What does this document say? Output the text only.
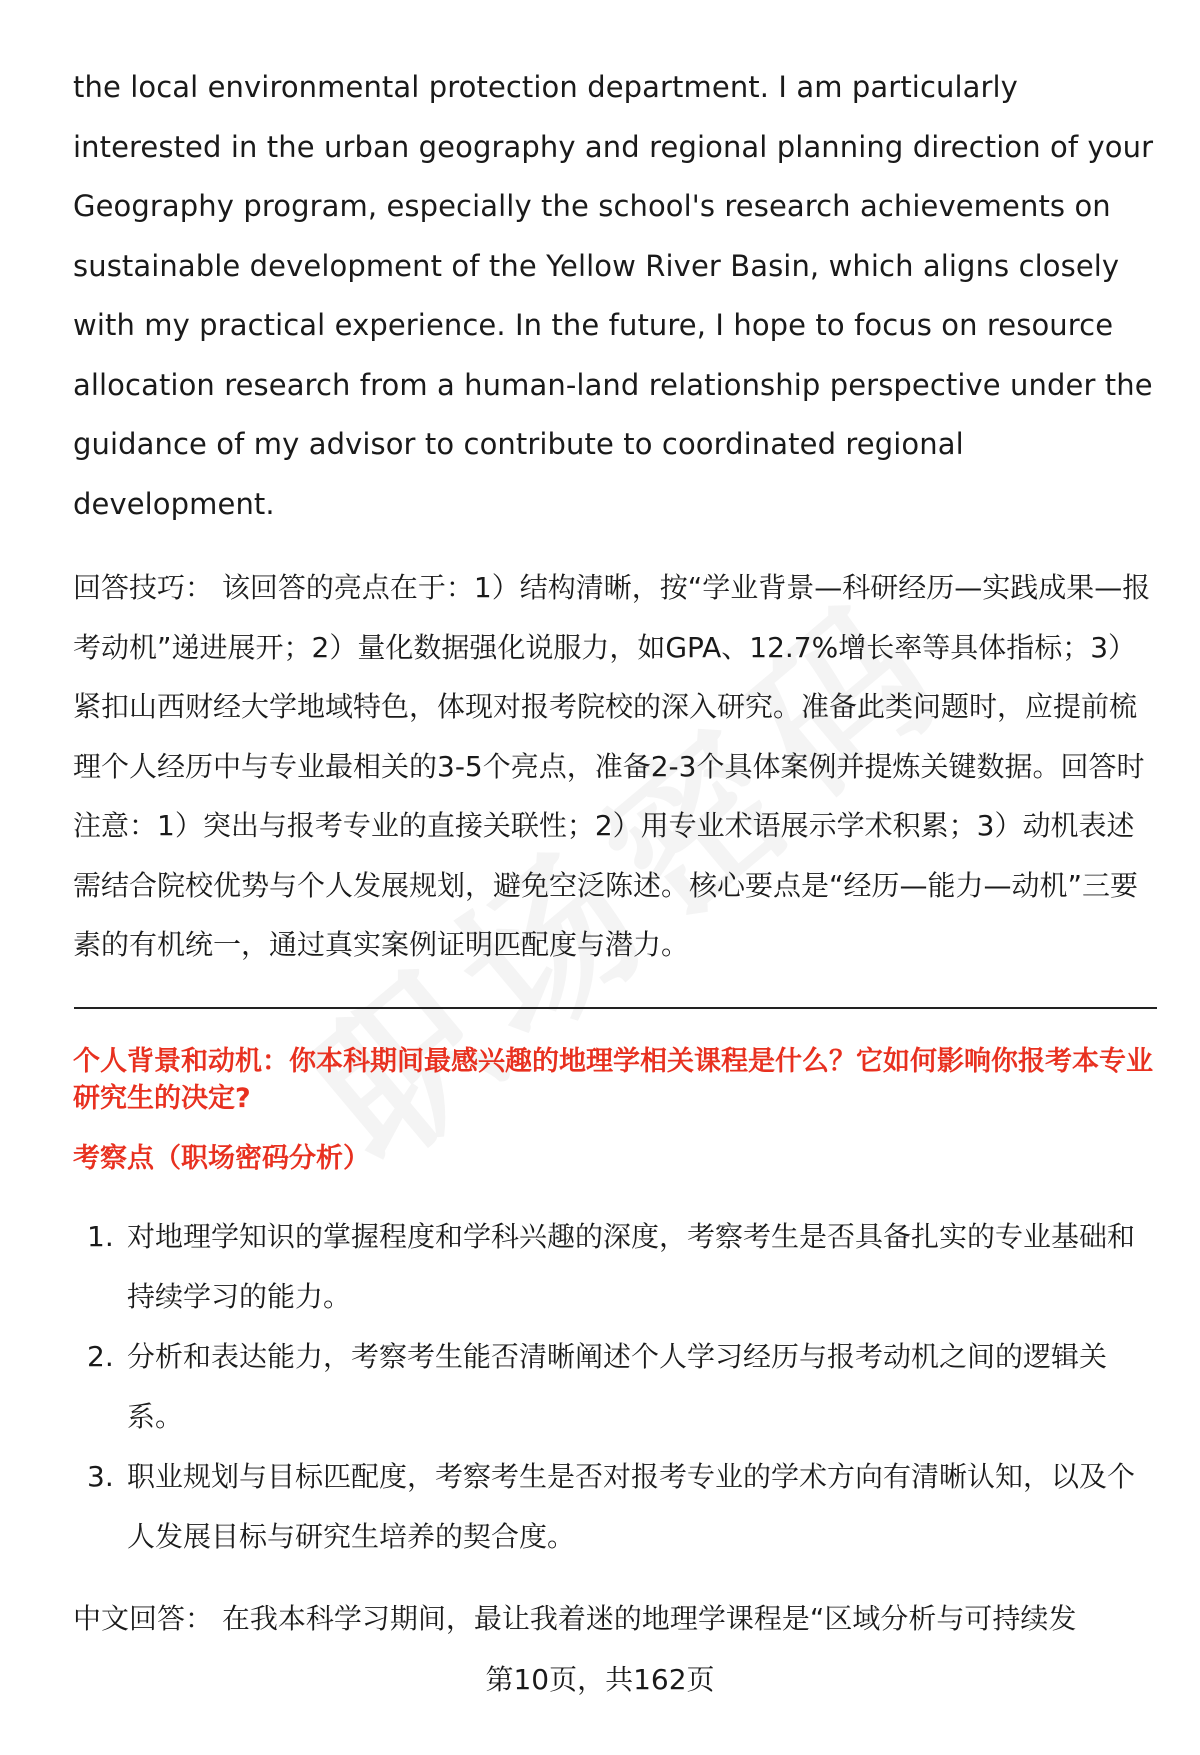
the local environmental protection department. I am particularly interested in the urban geography and regional planning direction of your Geography program, especially the school's research achievements on sustainable development of the Yellow River Basin, which aligns closely with my practical experience. In the future, I hope to focus on resource allocation research from a human-land relationship perspective under the guidance of my advisor to contribute to coordinated regional development.

回答技巧： 该回答的亮点在于：1）结构清晰，按“学业背景—科研经历—实践成果—报考动机”递进展开；2）量化数据强化说服力，如GPA、12.7%增长率等具体指标；3）紧扣山西财经大学地域特色，体现对报考院校的深入研究。准备此类问题时，应提前梳理个人经历中与专业最相关的3-5个亮点，准备2-3个具体案例并提炼关键数据。回答时注意：1）突出与报考专业的直接关联性；2）用专业术语展示学术积累；3）动机表述需结合院校优势与个人发展规划，避免空泛陈述。核心要点是“经历—能力—动机”三要素的有机统一，通过真实案例证明匹配度与潜力。

个人背景和动机：你本科期间最感兴趣的地理学相关课程是什么？它如何影响你报考本专业研究生的决定?
考察点（职场密码分析）
1. 对地理学知识的掌握程度和学科兴趣的深度，考察考生是否具备扎实的专业基础和持续学习的能力。
2. 分析和表达能力，考察考生能否清晰阐述个人学习经历与报考动机之间的逻辑关系。
3. 职业规划与目标匹配度，考察考生是否对报考专业的学术方向有清晰认知，以及个人发展目标与研究生培养的契合度。
中文回答： 在我本科学习期间，最让我着迷的地理学课程是“区域分析与可持续发
第10页，共162页
